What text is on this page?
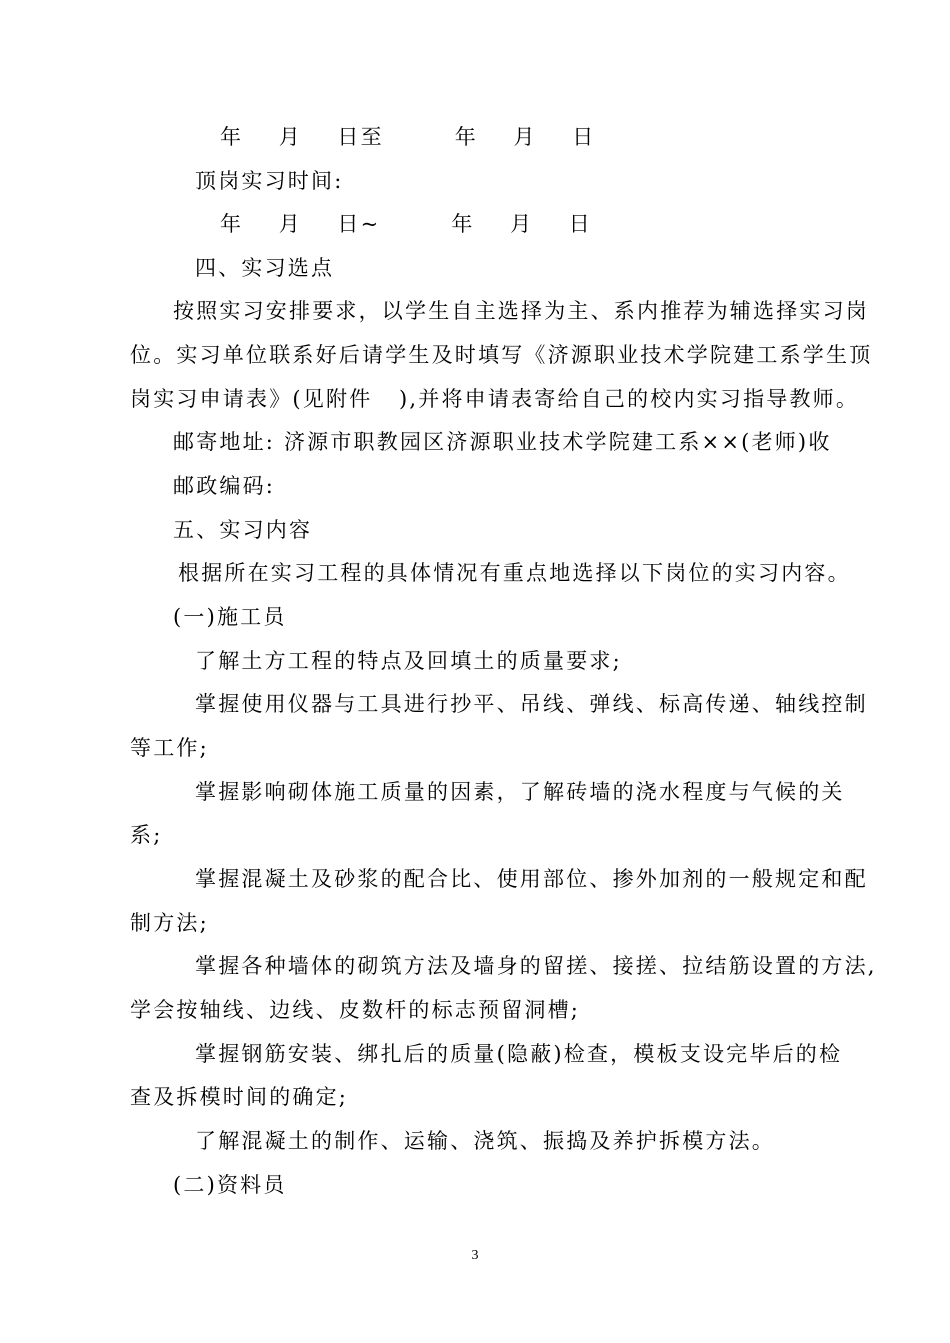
年    月    日至        年    月    日
顶岗实习时间:
年    月    日~        年    月    日
四、实习选点
按照实习安排要求，以学生自主选择为主、系内推荐为辅选择实习岗
位。实习单位联系好后请学生及时填写《济源职业技术学院建工系学生顶
岗实习申请表》(见附件   ),并将申请表寄给自己的校内实习指导教师。
邮寄地址: 济源市职教园区济源职业技术学院建工系××(老师)收
邮政编码:
五、实习内容
根据所在实习工程的具体情况有重点地选择以下岗位的实习内容。
(一)施工员
了解土方工程的特点及回填土的质量要求;
掌握使用仪器与工具进行抄平、吊线、弹线、标高传递、轴线控制
等工作;
掌握影响砌体施工质量的因素，了解砖墙的浇水程度与气候的关
系;
掌握混凝土及砂浆的配合比、使用部位、掺外加剂的一般规定和配
制方法;
掌握各种墙体的砌筑方法及墙身的留搓、接搓、拉结筋设置的方法,
学会按轴线、边线、皮数杆的标志预留洞槽;
掌握钢筋安装、绑扎后的质量(隐蔽)检查，模板支设完毕后的检
查及拆模时间的确定;
了解混凝土的制作、运输、浇筑、振捣及养护拆模方法。
(二)资料员
3
